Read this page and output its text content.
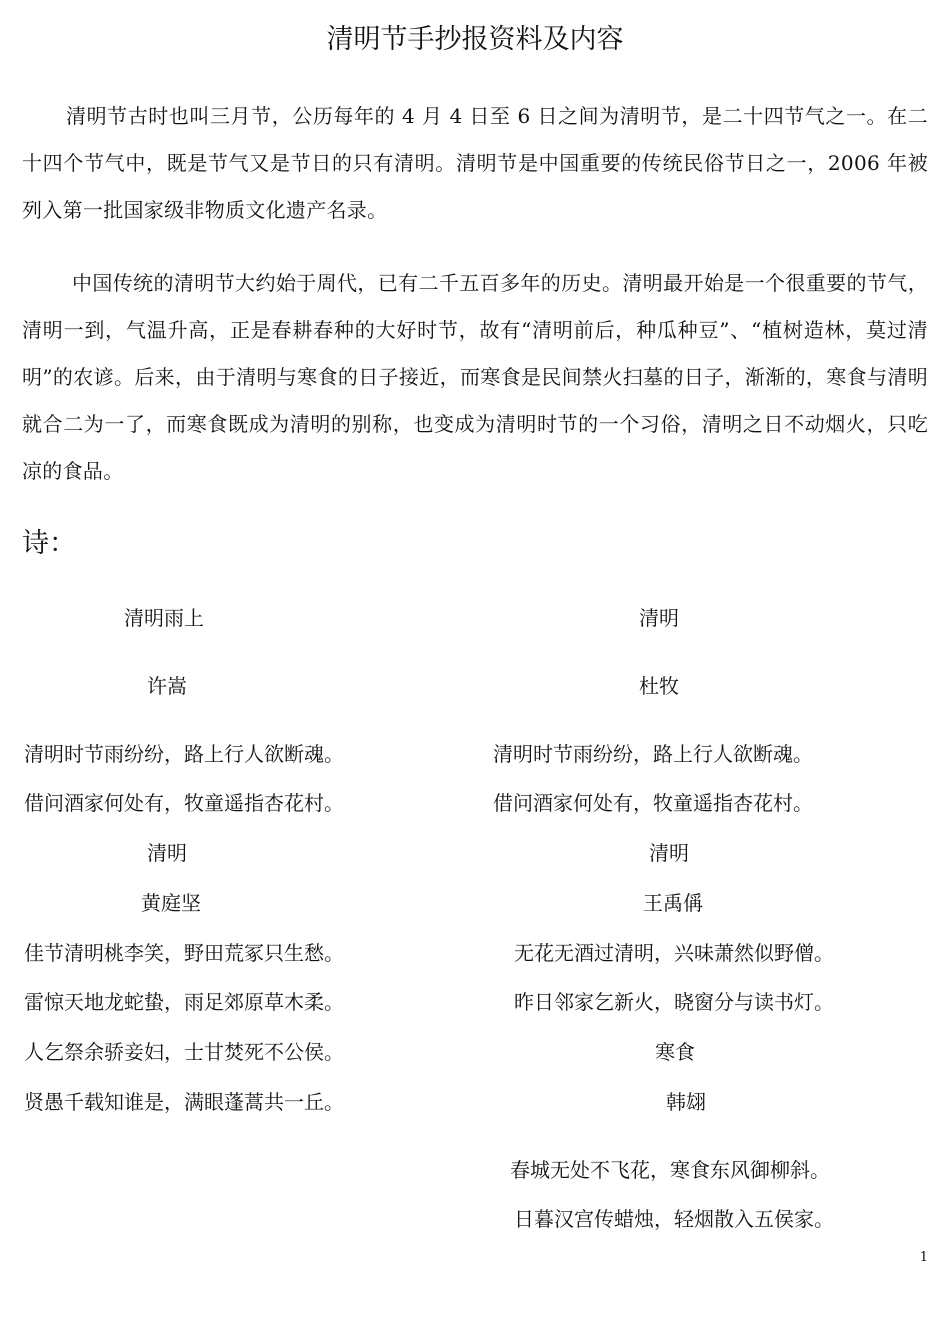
清明节手抄报资料及内容

清明节古时也叫三月节，公历每年的 4 月 4 日至 6 日之间为清明节，是二十四节气之一。在二十四个节气中，既是节气又是节日的只有清明。清明节是中国重要的传统民俗节日之一，2006 年被列入第一批国家级非物质文化遗产名录。

中国传统的清明节大约始于周代，已有二千五百多年的历史。清明最开始是一个很重要的节气，清明一到，气温升高，正是春耕春种的大好时节，故有“清明前后，种瓜种豆”、“植树造林，莫过清明”的农谚。后来，由于清明与寒食的日子接近，而寒食是民间禁火扫墓的日子，渐渐的，寒食与清明就合二为一了，而寒食既成为清明的别称，也变成为清明时节的一个习俗，清明之日不动烟火，只吃凉的食品。

诗：
清明雨上
许嵩
清明时节雨纷纷，路上行人欲断魂。
借问酒家何处有，牧童遥指杏花村。
清明
黄庭坚
佳节清明桃李笑，野田荒冢只生愁。
雷惊天地龙蛇蛰，雨足郊原草木柔。
人乞祭余骄妾妇，士甘焚死不公侯。
贤愚千载知谁是，满眼蓬蒿共一丘。
清明
杜牧
清明时节雨纷纷，路上行人欲断魂。
借问酒家何处有，牧童遥指杏花村。
清明
王禹偁
无花无酒过清明，兴味萧然似野僧。
昨日邻家乞新火，晓窗分与读书灯。
寒食
韩翃
春城无处不飞花，寒食东风御柳斜。
日暮汉宫传蜡烛，轻烟散入五侯家。
1
